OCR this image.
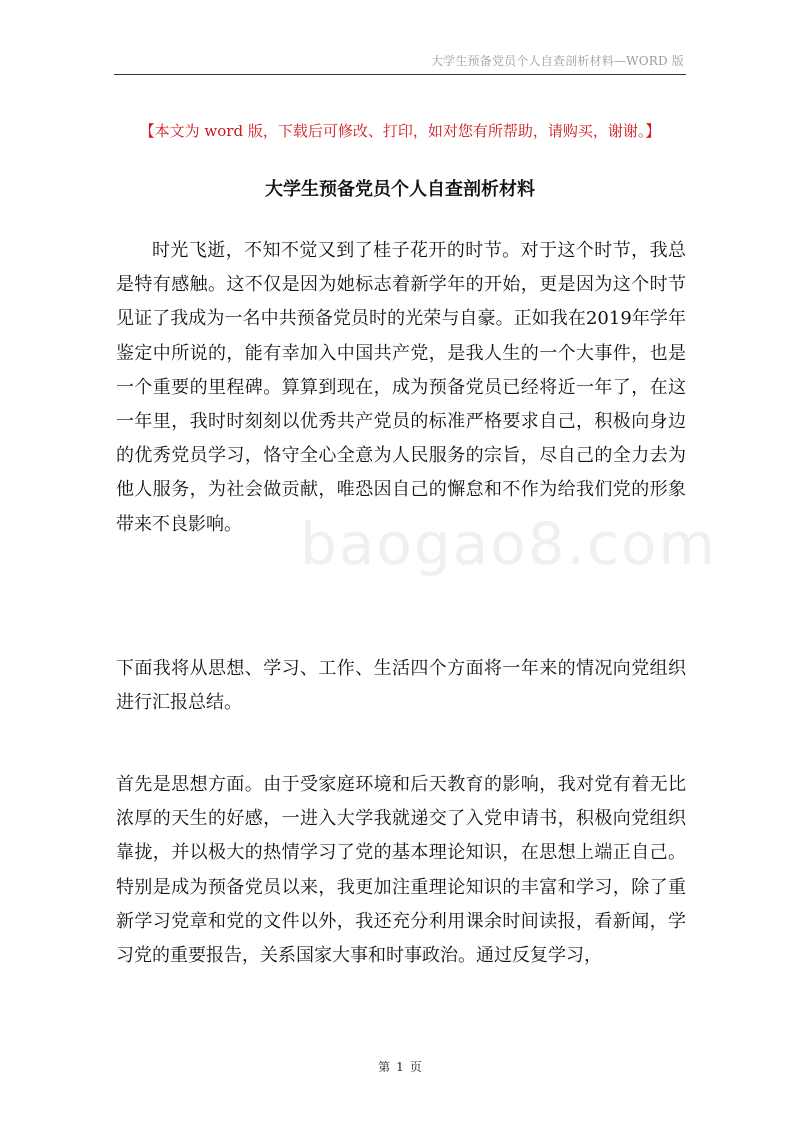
大学生预备党员个人自查剖析材料—WORD 版
【本文为 word 版，下载后可修改、打印，如对您有所帮助，请购买，谢谢。】
大学生预备党员个人自查剖析材料
baogao8.com

时光飞逝，不知不觉又到了桂子花开的时节。对于这个时节，我总是特有感触。这不仅是因为她标志着新学年的开始，更是因为这个时节见证了我成为一名中共预备党员时的光荣与自豪。正如我在2019年学年鉴定中所说的，能有幸加入中国共产党，是我人生的一个大事件，也是一个重要的里程碑。算算到现在，成为预备党员已经将近一年了，在这一年里，我时时刻刻以优秀共产党员的标准严格要求自己，积极向身边的优秀党员学习，恪守全心全意为人民服务的宗旨，尽自己的全力去为他人服务，为社会做贡献，唯恐因自己的懈怠和不作为给我们党的形象带来不良影响。

下面我将从思想、学习、工作、生活四个方面将一年来的情况向党组织进行汇报总结。

首先是思想方面。由于受家庭环境和后天教育的影响，我对党有着无比浓厚的天生的好感，一进入大学我就递交了入党申请书，积极向党组织靠拢，并以极大的热情学习了党的基本理论知识，在思想上端正自己。特别是成为预备党员以来，我更加注重理论知识的丰富和学习，除了重新学习党章和党的文件以外，我还充分利用课余时间读报，看新闻，学习党的重要报告，关系国家大事和时事政治。通过反复学习，

第 1 页
